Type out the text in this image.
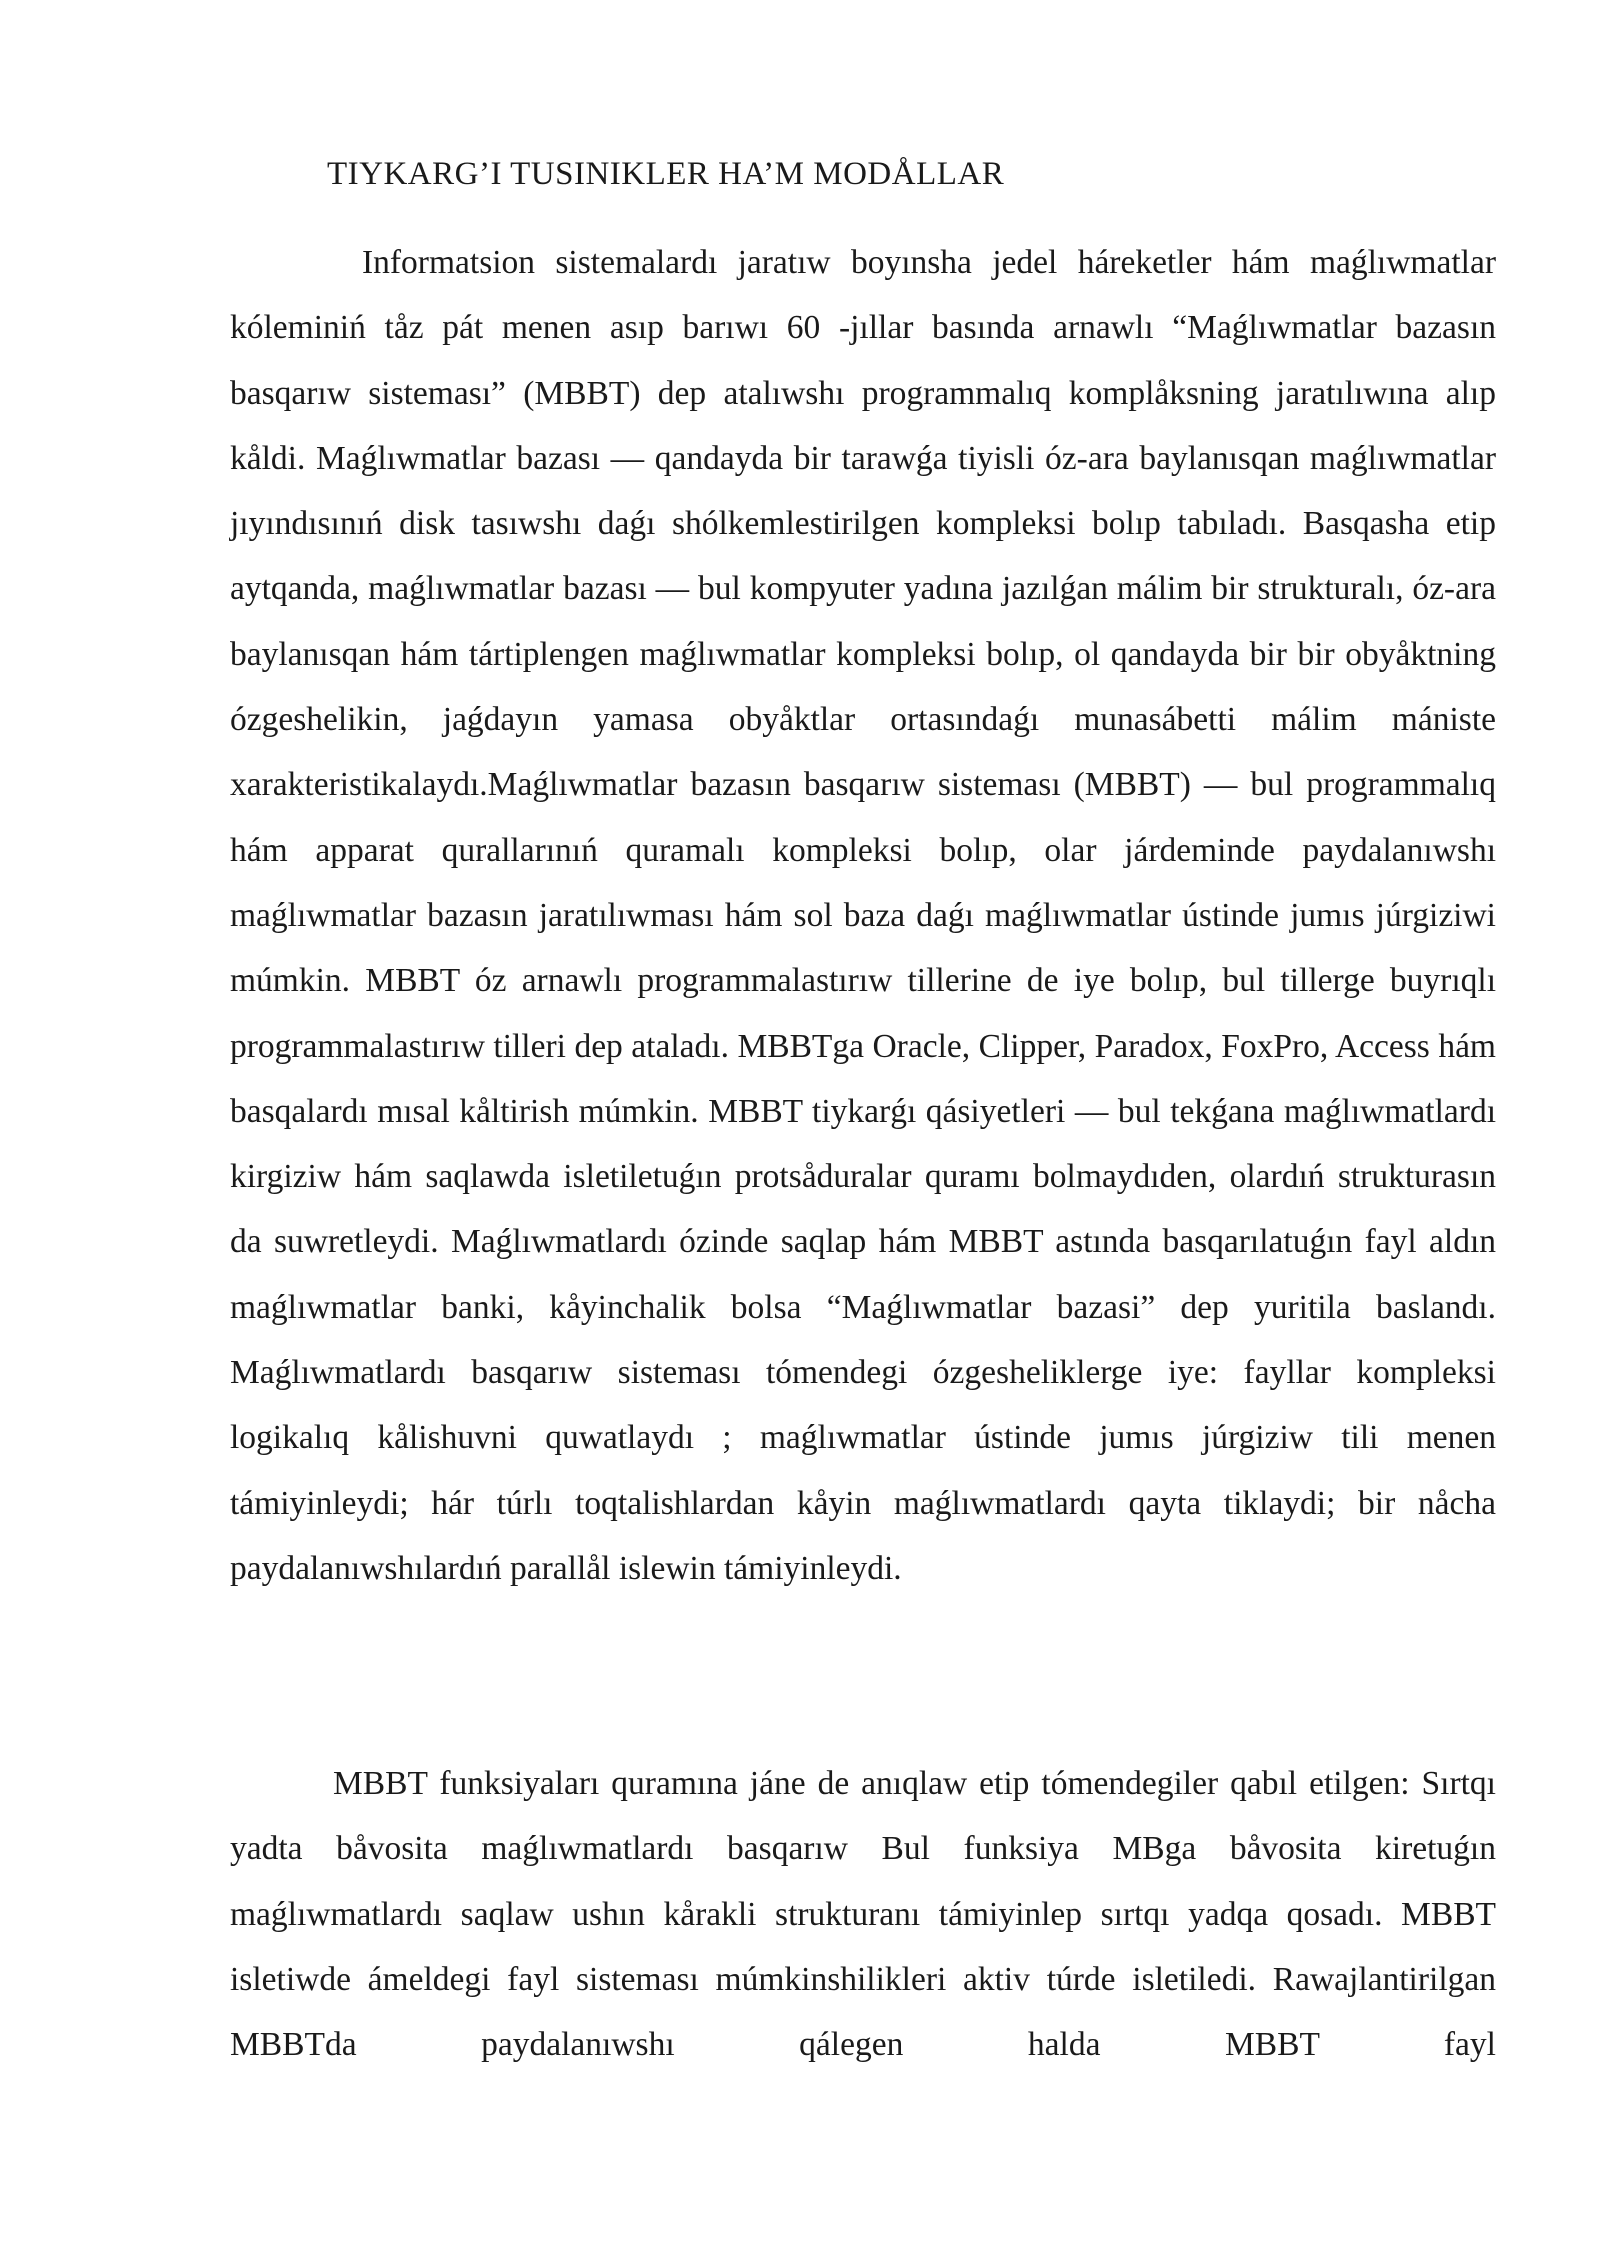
TIYKARG’I TUSINIKLER HA’M MODÅLLAR

Informatsion sistemalardı jaratıw boyınsha jedel háreketler hám maǵlıwmatlar kóleminiń tåz pát menen asıp barıwı 60 -jıllar basında arnawlı “Maǵlıwmatlar bazasın basqarıw sisteması” (MBBT) dep atalıwshı programmalıq komplåksning jaratılıwına alıp kåldi. Maǵlıwmatlar bazası — qandayda bir tarawǵa tiyisli óz-ara baylanısqan maǵlıwmatlar jıyındısınıń disk tasıwshı daǵı shólkemlestirilgen kompleksi bolıp tabıladı. Basqasha etip aytqanda, maǵlıwmatlar bazası — bul kompyuter yadına jazılǵan málim bir strukturalı, óz-ara baylanısqan hám tártiplengen maǵlıwmatlar kompleksi bolıp, ol qandayda bir bir obyåktning ózgeshelikin, jaǵdayın yamasa obyåktlar ortasındaǵı munasábetti málim mániste xarakteristikalaydı.Maǵlıwmatlar bazasın basqarıw sisteması (MBBT) — bul programmalıq hám apparat qurallarınıń quramalı kompleksi bolıp, olar járdeminde paydalanıwshı maǵlıwmatlar bazasın jaratılıwması hám sol baza daǵı maǵlıwmatlar ústinde jumıs júrgiziwi múmkin. MBBT óz arnawlı programmalastırıw tillerine de iye bolıp, bul tillerge buyrıqlı programmalastırıw tilleri dep ataladı. MBBTga Oracle, Clipper, Paradox, FoxPro, Access hám basqalardı mısal kåltirish múmkin. MBBT tiykarǵı qásiyetleri — bul tekǵana maǵlıwmatlardı kirgiziw hám saqlawda isletiletuǵın protsåduralar quramı bolmaydıden, olardıń strukturasın da suwretleydi. Maǵlıwmatlardı ózinde saqlap hám MBBT astında basqarılatuǵın fayl aldın maǵlıwmatlar banki, kåyinchalik bolsa “Maǵlıwmatlar bazasi” dep yuritila baslandı. Maǵlıwmatlardı basqarıw sisteması tómendegi ózgesheliklerge iye: fayllar kompleksi logikalıq kålishuvni quwatlaydı ; maǵlıwmatlar ústinde jumıs júrgiziw tili menen támiyinleydi; hár túrlı toqtalishlardan kåyin maǵlıwmatlardı qayta tiklaydi; bir nåcha paydalanıwshılardıń parallål islewin támiyinleydi.

MBBT funksiyaları quramına jáne de anıqlaw etip tómendegiler qabıl etilgen: Sırtqı yadta båvosita maǵlıwmatlardı basqarıw Bul funksiya MBga båvosita kiretuǵın maǵlıwmatlardı saqlaw ushın kårakli strukturanı támiyinlep sırtqı yadqa qosadı. MBBT isletiwde ámeldegi fayl sisteması múmkinshilikleri aktiv túrde isletiledi. Rawajlantirilgan MBBTda paydalanıwshı qálegen halda MBBT fayl
